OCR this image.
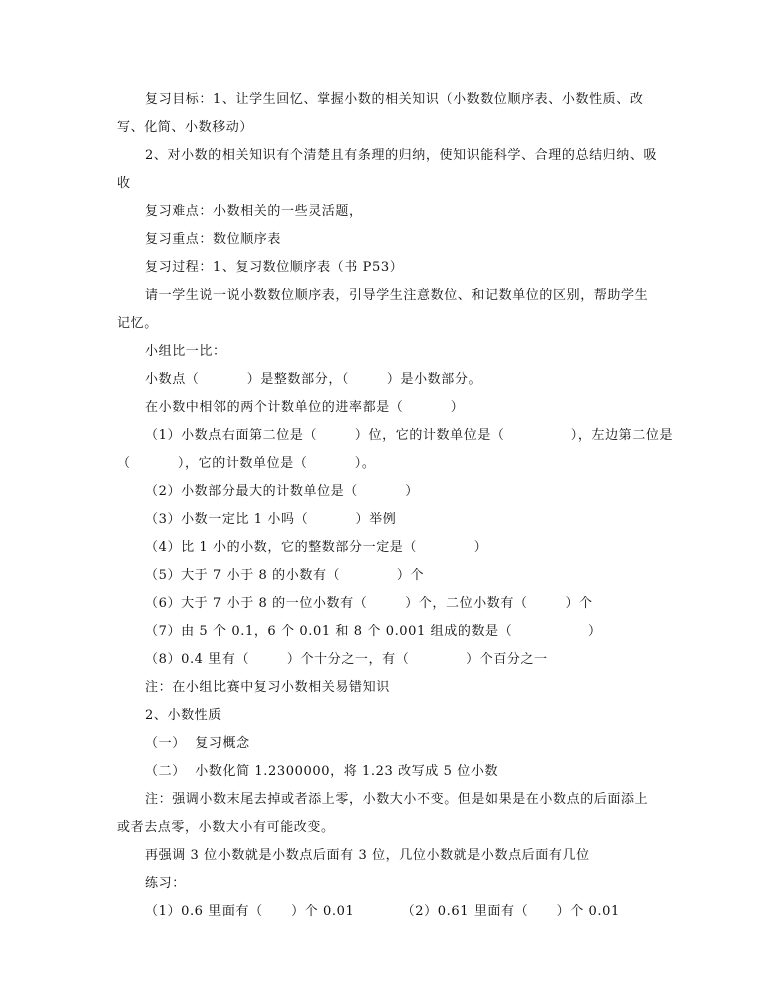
复习目标：1、让学生回忆、掌握小数的相关知识（小数数位顺序表、小数性质、改
写、化简、小数移动）
2、对小数的相关知识有个清楚且有条理的归纳，使知识能科学、合理的总结归纳、吸
收
复习难点：小数相关的一些灵活题，
复习重点：数位顺序表
复习过程：1、复习数位顺序表（书 P53）
请一学生说一说小数数位顺序表，引导学生注意数位、和记数单位的区别，帮助学生
记忆。
小组比一比：
小数点（          ）是整数部分，（        ）是小数部分。
在小数中相邻的两个计数单位的进率都是（          ）
（1）小数点右面第二位是（        ）位，它的计数单位是（              ），左边第二位是
（          ），它的计数单位是（          ）。
（2）小数部分最大的计数单位是（          ）
（3）小数一定比 1 小吗（          ）举例
（4）比 1 小的小数，它的整数部分一定是（            ）
（5）大于 7 小于 8 的小数有（            ）个
（6）大于 7 小于 8 的一位小数有（        ）个，二位小数有（        ）个
（7）由 5 个 0.1，6 个 0.01 和 8 个 0.001 组成的数是（                ）
（8）0.4 里有（        ）个十分之一，有（            ）个百分之一
注：在小组比赛中复习小数相关易错知识
2、小数性质
（一）  复习概念
（二）  小数化简 1.2300000，将 1.23 改写成 5 位小数
注：强调小数末尾去掉或者添上零，小数大小不变。但是如果是在小数点的后面添上
或者去点零，小数大小有可能改变。
再强调 3 位小数就是小数点后面有 3 位，几位小数就是小数点后面有几位
练习：
（1）0.6 里面有（      ）个 0.01          （2）0.61 里面有（      ）个 0.01
